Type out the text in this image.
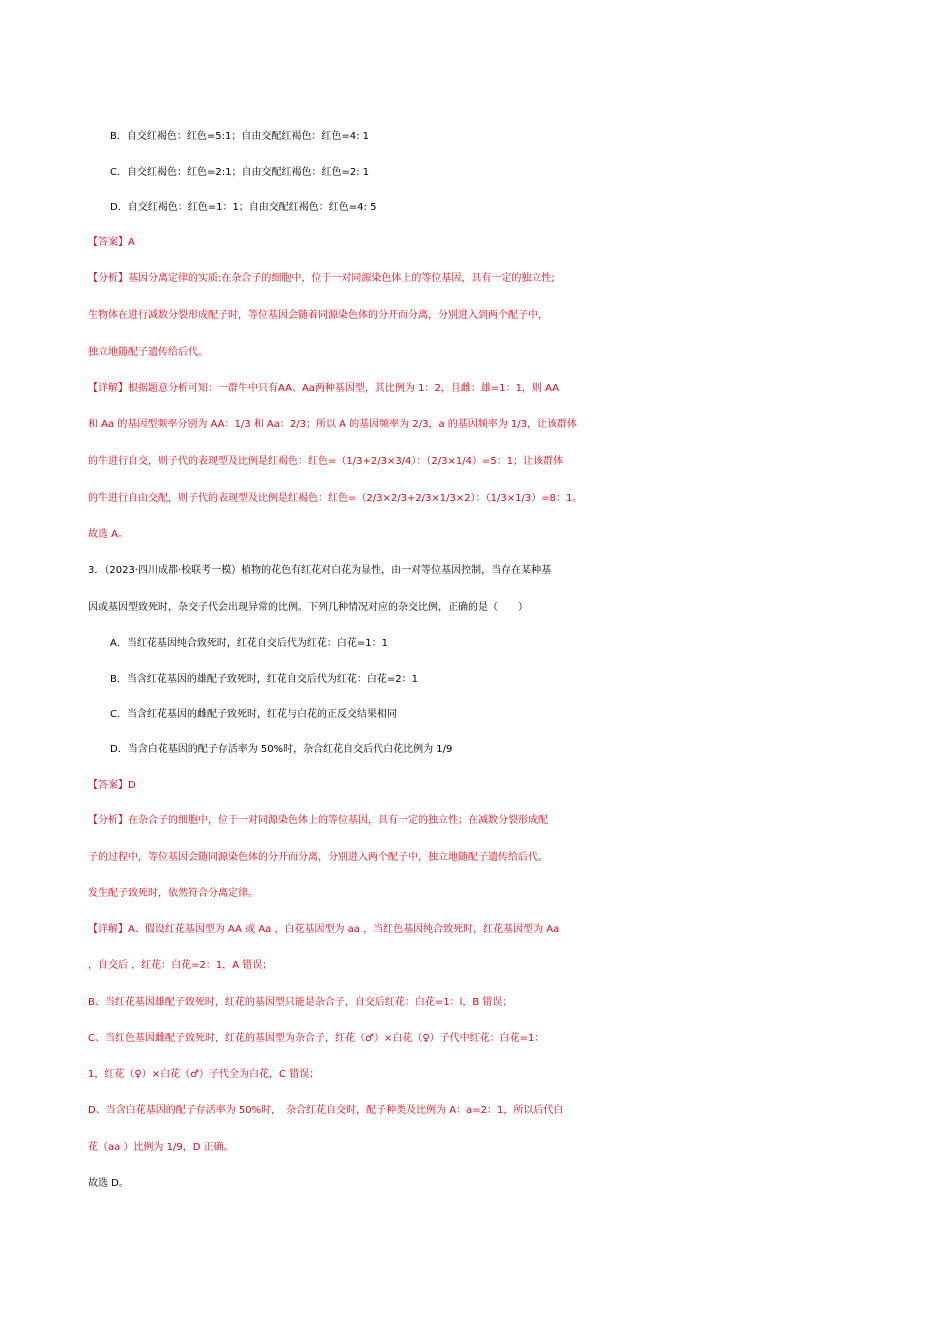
B．自交红褐色：红色=5:1；自由交配红褐色：红色=4: 1
C．自交红褐色：红色=2:1；自由交配红褐色：红色=2: 1
D．自交红褐色：红色=1：1；自由交配红褐色：红色=4: 5
【答案】A
【分析】基因分离定律的实质:在杂合子的细胞中，位于一对同源染色体上的等位基因，具有一定的独立性;
生物体在进行减数分裂形成配子时，等位基因会随着同源染色体的分开而分离，分别进入到两个配子中，
独立地随配子遗传给后代。
【详解】根据题意分析可知：一群牛中只有AA、Aa两种基因型，其比例为 1：2，且雌：雄=1：1，则 AA
和 Aa 的基因型频率分别为 AA：1/3 和 Aa：2/3；所以 A 的基因频率为 2/3，a 的基因频率为 1/3，让该群体
的牛进行自交，则子代的表现型及比例是红褐色：红色=（1/3+2/3×3/4）：（2/3×1/4）=5：1；让该群体
的牛进行自由交配，则子代的表现型及比例是红褐色：红色=（2/3×2/3+2/3×1/3×2）：（1/3×1/3）=8：1。
故选 A。
3．（2023·四川成都·校联考一模）植物的花色有红花对白花为显性，由一对等位基因控制，当存在某种基
因或基因型致死时，杂交子代会出现异常的比例。下列几种情况对应的杂交比例，正确的是（　　）
A．当红花基因纯合致死时，红花自交后代为红花：白花=1：1
B．当含红花基因的雄配子致死时，红花自交后代为红花：白花=2：1
C．当含红花基因的雌配子致死时，红花与白花的正反交结果相同
D．当含白花基因的配子存活率为 50%时，杂合红花自交后代白花比例为 1/9
【答案】D
【分析】在杂合子的细胞中，位于一对同源染色体上的等位基因，具有一定的独立性；在减数分裂形成配
子的过程中，等位基因会随同源染色体的分开而分离，分别进入两个配子中，独立地随配子遗传给后代。
发生配子致死时，依然符合分离定律。
【详解】A、假设红花基因型为 AA 或 Aa ，白花基因型为 aa ，当红色基因纯合致死时，红花基因型为 Aa
，自交后 ，红花：白花=2：1，A 错误；
B、当红花基因雄配子致死时，红花的基因型只能是杂合子，自交后红花：白花=1：l，B 错误；
C、当红色基因雌配子致死时，红花的基因型为杂合子，红花（♂）×白花（♀）子代中红花：白花=1：
1，红花（♀）×白花（♂）子代全为白花，C 错误；
D、当含白花基因的配子存活率为 50%时，　杂合红花自交时，配子种类及比例为 A：a=2：1，所以后代白
花（aa ）比例为 1/9，D 正确。
故选 D。
